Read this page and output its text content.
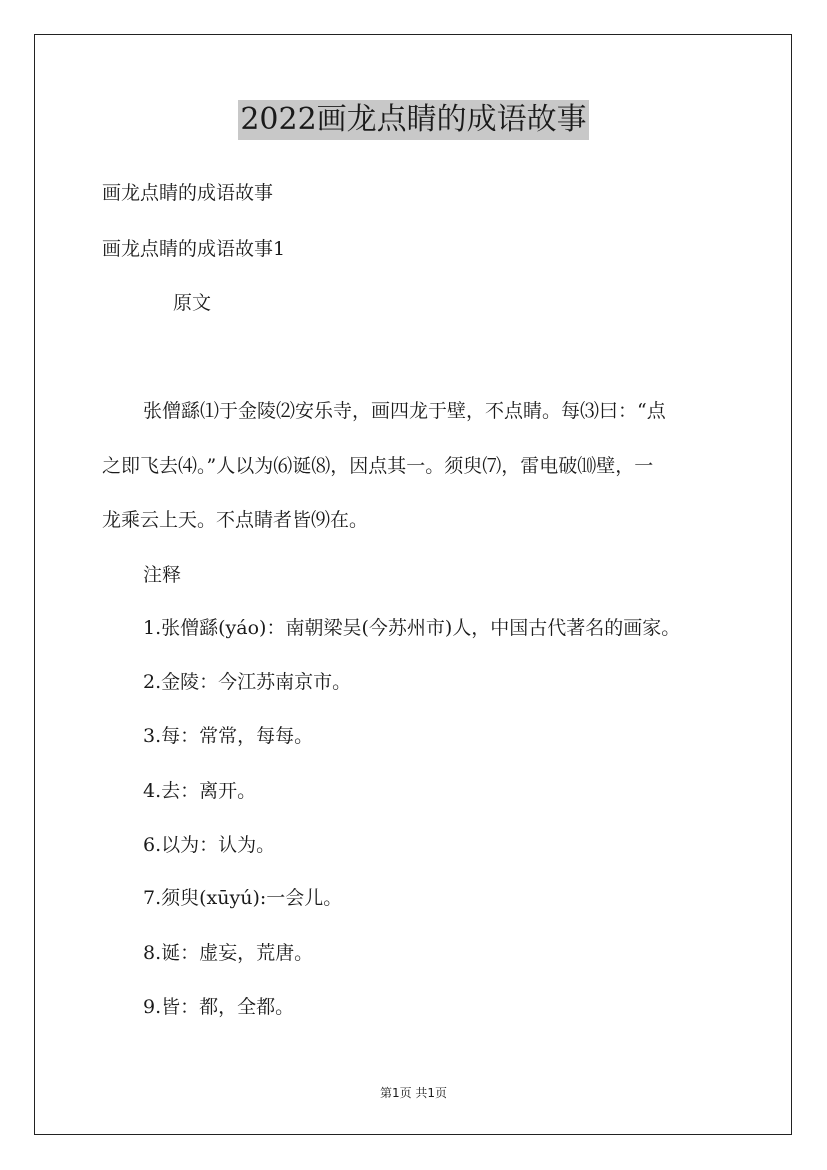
2022画龙点睛的成语故事
画龙点睛的成语故事
画龙点睛的成语故事1
原文
张僧繇⑴于金陵⑵安乐寺，画四龙于壁，不点睛。每⑶曰：“点
之即飞去⑷。”人以为⑹诞⑻，因点其一。须臾⑺，雷电破⑽壁，一
龙乘云上天。不点睛者皆⑼在。
注释
1.张僧繇(yáo)：南朝梁吴(今苏州市)人，中国古代著名的画家。
2.金陵：今江苏南京市。
3.每：常常，每每。
4.去：离开。
6.以为：认为。
7.须臾(xūyú):一会儿。
8.诞：虚妄，荒唐。
9.皆：都，全都。
第1页 共1页
